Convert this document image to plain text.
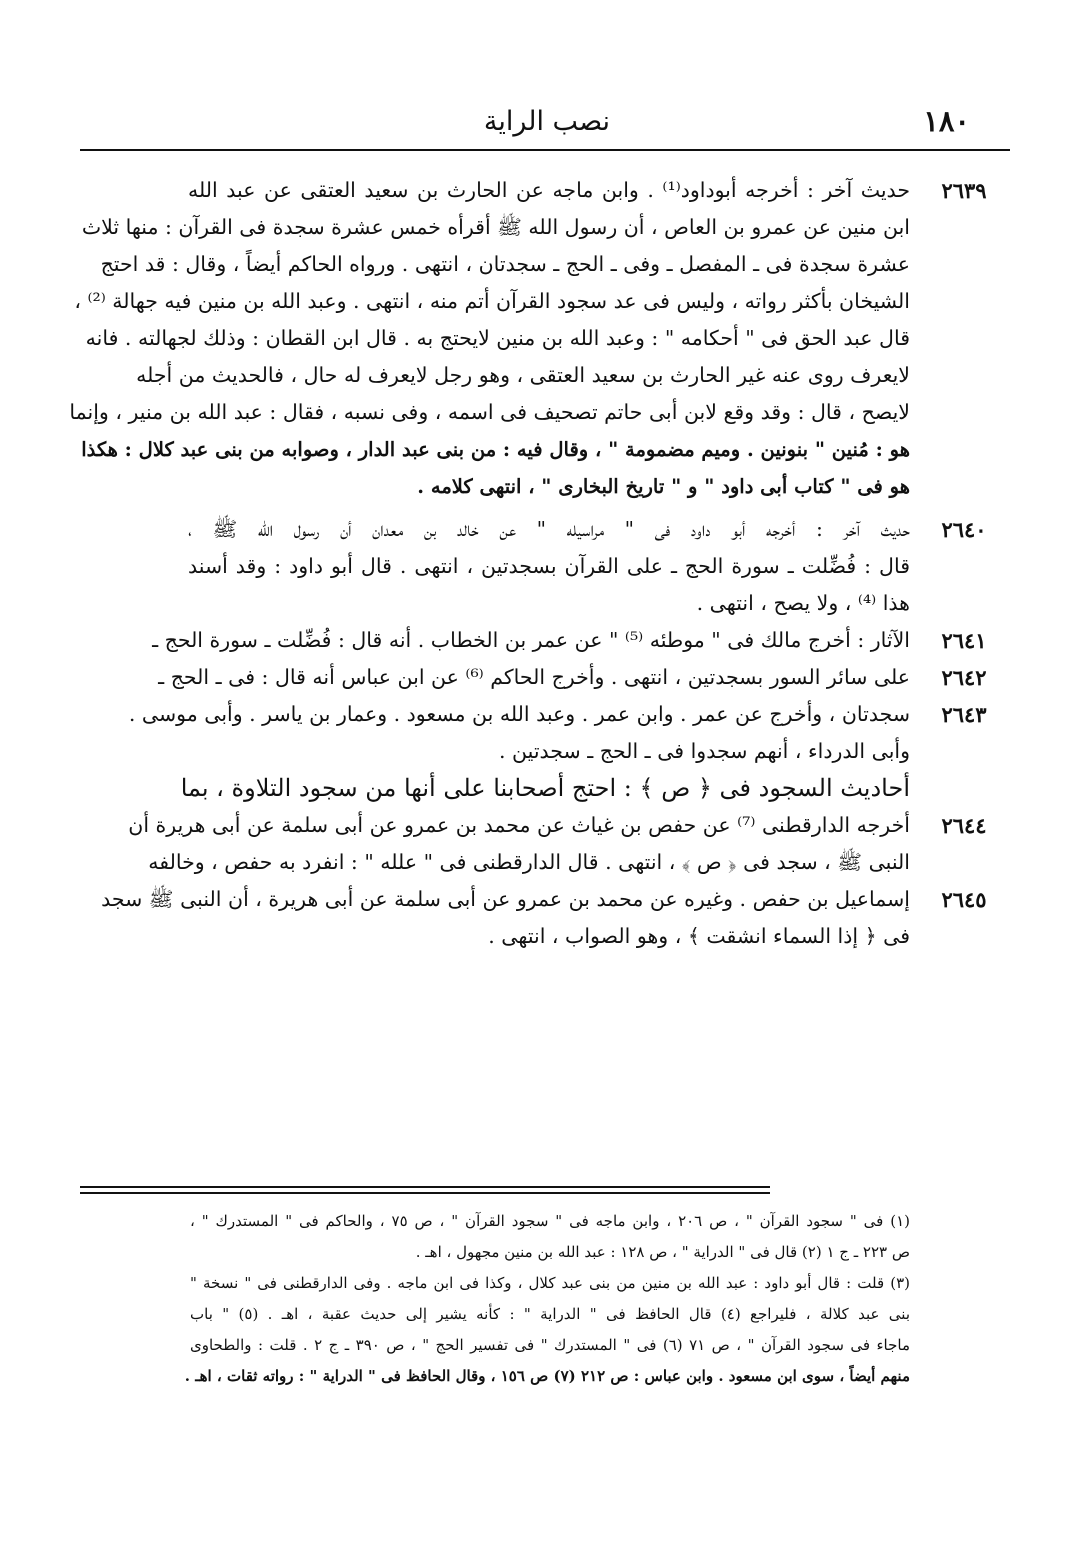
نصب الراية	١٨٠
٢٦٣٩
حديث آخر : أخرجه أبوداود⁽¹⁾ . وابن ماجه عن الحارث بن سعيد العتقى عن عبد الله
ابن منين عن عمرو بن العاص ، أن رسول الله ﷺ أقرأه خمس عشرة سجدة فى القرآن : منها ثلاث
عشرة سجدة فى ـ المفصل ـ وفى ـ الحج ـ سجدتان ، انتهى . ورواه الحاكم أيضاً ، وقال : قد احتج
الشيخان بأكثر رواته ، وليس فى عد سجود القرآن أتم منه ، انتهى . وعبد الله بن منين فيه جهالة ⁽²⁾ ،
قال عبد الحق فى " أحكامه " : وعبد الله بن منين لايحتج به . قال ابن القطان : وذلك لجهالته . فانه
لايعرف روى عنه غير الحارث بن سعيد العتقى ، وهو رجل لايعرف له حال ، فالحديث من أجله
لايصح ، قال : وقد وقع لابن أبى حاتم تصحيف فى اسمه ، وفى نسبه ، فقال : عبد الله بن منير ، وإنما
هو : مُنين " بنونين . وميم مضمومة " ، وقال فيه : من بنى عبد الدار ، وصوابه من بنى عبد كلال : هكذا
هو فى " كتاب أبى داود " و " تاريخ البخارى " ، انتهى كلامه .
٢٦٤٠
حديث آخر : أخرجه أبو داود فى " مراسيله " عن خالد بن معدان أن رسول الله ﷺ ،
قال : فُضِّلت ـ سورة الحج ـ على القرآن بسجدتين ، انتهى . قال أبو داود : وقد أسند
هذا ⁽⁴⁾ ، ولا يصح ، انتهى .
٢٦٤١
الآثار : أخرج مالك فى " موطئه ⁽⁵⁾ " عن عمر بن الخطاب . أنه قال : فُضِّلت ـ سورة الحج ـ
٢٦٤٢
على سائر السور بسجدتين ، انتهى . وأخرج الحاكم ⁽⁶⁾ عن ابن عباس أنه قال : فى ـ الحج ـ
٢٦٤٣
سجدتان ، وأخرج عن عمر . وابن عمر . وعبد الله بن مسعود . وعمار بن ياسر . وأبى موسى .
وأبى الدرداء ، أنهم سجدوا فى ـ الحج ـ سجدتين .
أحاديث السجود فى ﴿ ص ﴾ : احتج أصحابنا على أنها من سجود التلاوة ، بما
٢٦٤٤
أخرجه الدارقطنى ⁽⁷⁾ عن حفص بن غياث عن محمد بن عمرو عن أبى سلمة عن أبى هريرة أن
النبى ﷺ ، سجد فى ﴿ ص ﴾ ، انتهى . قال الدارقطنى فى " علله " : انفرد به حفص ، وخالفه
٢٦٤٥
إسماعيل بن حفص . وغيره عن محمد بن عمرو عن أبى سلمة عن أبى هريرة ، أن النبى ﷺ سجد
فى ﴿ إذا السماء انشقت ﴾ ، وهو الصواب ، انتهى .
(١) فى " سجود القرآن " ، ص ٢٠٦ ، وابن ماجه فى " سجود القرآن " ، ص ٧٥ ، والحاكم فى " المستدرك " ،
ص ٢٢٣ ـ ج ١ (٢) قال فى " الدراية " ، ص ١٢٨ : عبد الله بن منين مجهول ، اهـ .
(٣) قلت : قال أبو داود : عبد الله بن منين من بنى عبد كلال ، وكذا فى ابن ماجه . وفى الدارقطنى فى " نسخة "
بنى عبد كلالة ، فليراجع (٤) قال الحافظ فى " الدراية " : كأنه يشير إلى حديث عقبة ، اهـ . (٥) " باب
ماجاء فى سجود القرآن " ، ص ٧١ (٦) فى " المستدرك " فى تفسير الحج " ، ص ٣٩٠ ـ ج ٢ . قلت : والطحاوى
منهم أيضاً ، سوى ابن مسعود . وابن عباس : ص ٢١٢ (٧) ص ١٥٦ ، وقال الحافظ فى " الدراية " : رواته ثقات ، اهـ .
